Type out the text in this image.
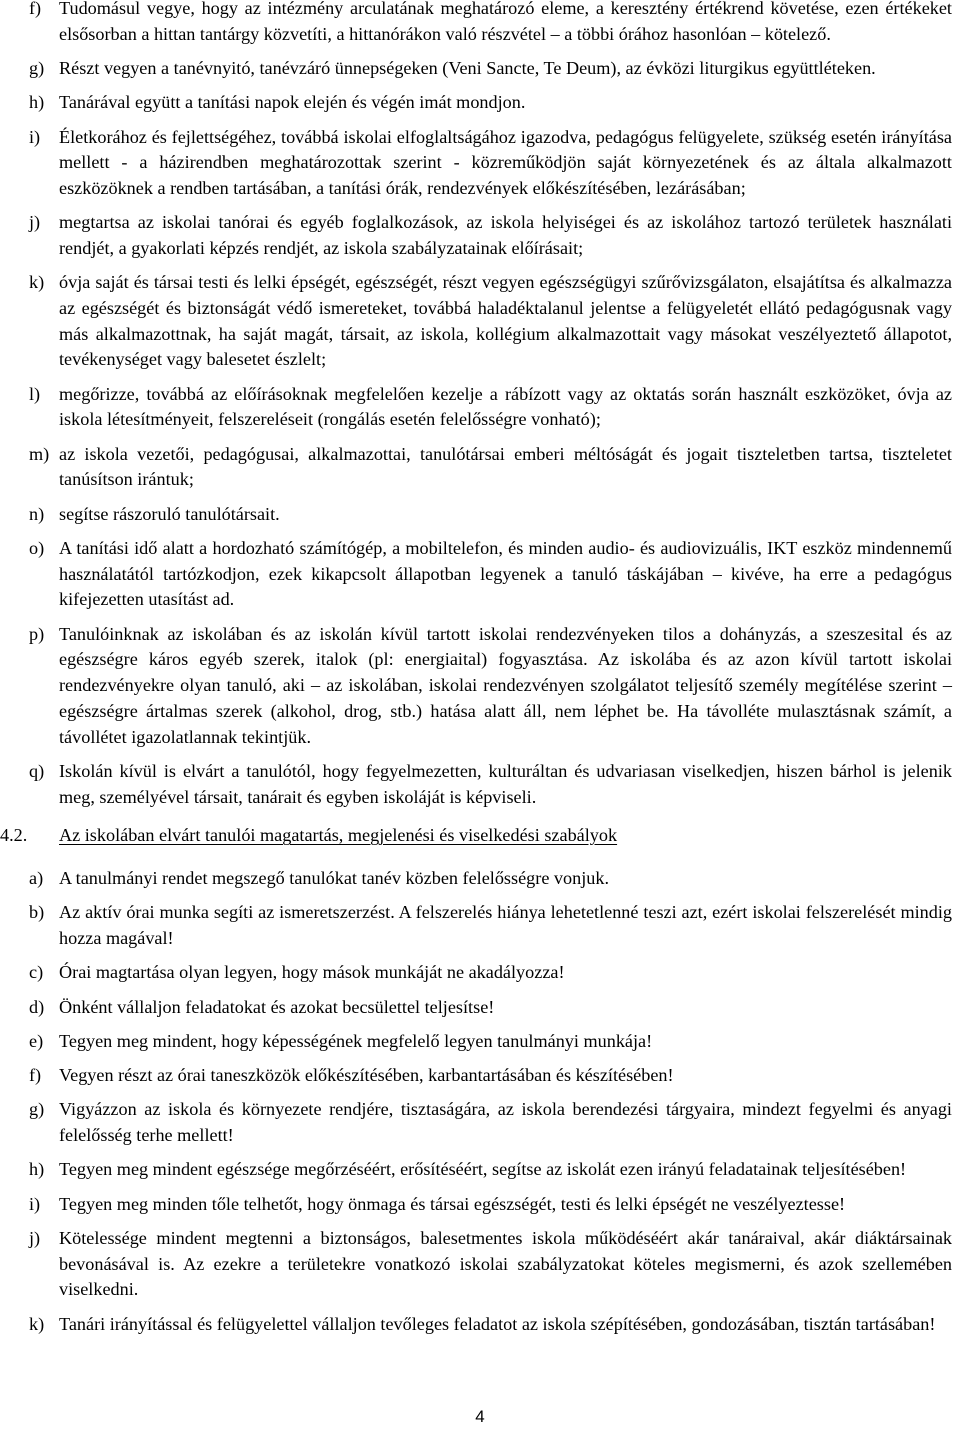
f) Tudomásul vegye, hogy az intézmény arculatának meghatározó eleme, a keresztény értékrend követése, ezen értékeket elsősorban a hittan tantárgy közvetíti, a hittanórákon való részvétel – a többi órához hasonlóan – kötelező.
g) Részt vegyen a tanévnyitó, tanévzáró ünnepségeken (Veni Sancte, Te Deum), az évközi liturgikus együttléteken.
h) Tanárával együtt a tanítási napok elején és végén imát mondjon.
i) Életkorához és fejlettségéhez, továbbá iskolai elfoglaltságához igazodva, pedagógus felügyelete, szükség esetén irányítása mellett - a házirendben meghatározottak szerint - közreműködjön saját környezetének és az általa alkalmazott eszközöknek a rendben tartásában, a tanítási órák, rendezvények előkészítésében, lezárásában;
j) megtartsa az iskolai tanórai és egyéb foglalkozások, az iskola helyiségei és az iskolához tartozó területek használati rendjét, a gyakorlati képzés rendjét, az iskola szabályzatainak előírásait;
k) óvja saját és társai testi és lelki épségét, egészségét, részt vegyen egészségügyi szűrővizsgálaton, elsajátítsa és alkalmazza az egészségét és biztonságát védő ismereteket, továbbá haladéktalanul jelentse a felügyeletét ellátó pedagógusnak vagy más alkalmazottnak, ha saját magát, társait, az iskola, kollégium alkalmazottait vagy másokat veszélyeztető állapotot, tevékenységet vagy balesetet észlelt;
l) megőrizze, továbbá az előírásoknak megfelelően kezelje a rábízott vagy az oktatás során használt eszközöket, óvja az iskola létesítményeit, felszereléseit (rongálás esetén felelősségre vonható);
m) az iskola vezetői, pedagógusai, alkalmazottai, tanulótársai emberi méltóságát és jogait tiszteletben tartsa, tiszteletet tanúsítson irántuk;
n) segítse rászoruló tanulótársait.
o) A tanítási idő alatt a hordozható számítógép, a mobiltelefon, és minden audio- és audiovizuális, IKT eszköz mindennemű használatától tartózkodjon, ezek kikapcsolt állapotban legyenek a tanuló táskájában – kivéve, ha erre a pedagógus kifejezetten utasítást ad.
p) Tanulóinknak az iskolában és az iskolán kívül tartott iskolai rendezvényeken tilos a dohányzás, a szeszesital és az egészségre káros egyéb szerek, italok (pl: energiaital) fogyasztása. Az iskolába és az azon kívül tartott iskolai rendezvényekre olyan tanuló, aki – az iskolában, iskolai rendezvényen szolgálatot teljesítő személy megítélése szerint – egészségre ártalmas szerek (alkohol, drog, stb.) hatása alatt áll, nem léphet be. Ha távolléte mulasztásnak számít, a távollétet igazolatlannak tekintjük.
q) Iskolán kívül is elvárt a tanulótól, hogy fegyelmezetten, kulturáltan és udvariasan viselkedjen, hiszen bárhol is jelenik meg, személyével társait, tanárait és egyben iskoláját is képviseli.
4.2. Az iskolában elvárt tanulói magatartás, megjelenési és viselkedési szabályok
a) A tanulmányi rendet megszegő tanulókat tanév közben felelősségre vonjuk.
b) Az aktív órai munka segíti az ismeretszerzést. A felszerelés hiánya lehetetlenné teszi azt, ezért iskolai felszerelését mindig hozza magával!
c) Órai magtartása olyan legyen, hogy mások munkáját ne akadályozza!
d) Önként vállaljon feladatokat és azokat becsülettel teljesítse!
e) Tegyen meg mindent, hogy képességének megfelelő legyen tanulmányi munkája!
f) Vegyen részt az órai taneszközök előkészítésében, karbantartásában és készítésében!
g) Vigyázzon az iskola és környezete rendjére, tisztaságára, az iskola berendezési tárgyaira, mindezt fegyelmi és anyagi felelősség terhe mellett!
h) Tegyen meg mindent egészsége megőrzéséért, erősítéséért, segítse az iskolát ezen irányú feladatainak teljesítésében!
i) Tegyen meg minden tőle telhetőt, hogy önmaga és társai egészségét, testi és lelki épségét ne veszélyeztesse!
j) Kötelessége mindent megtenni a biztonságos, balesetmentes iskola működéséért akár tanáraival, akár diáktársainak bevonásával is. Az ezekre a területekre vonatkozó iskolai szabályzatokat köteles megismerni, és azok szellemében viselkedni.
k) Tanári irányítással és felügyelettel vállaljon tevőleges feladatot az iskola szépítésében, gondozásában, tisztán tartásában!
4
